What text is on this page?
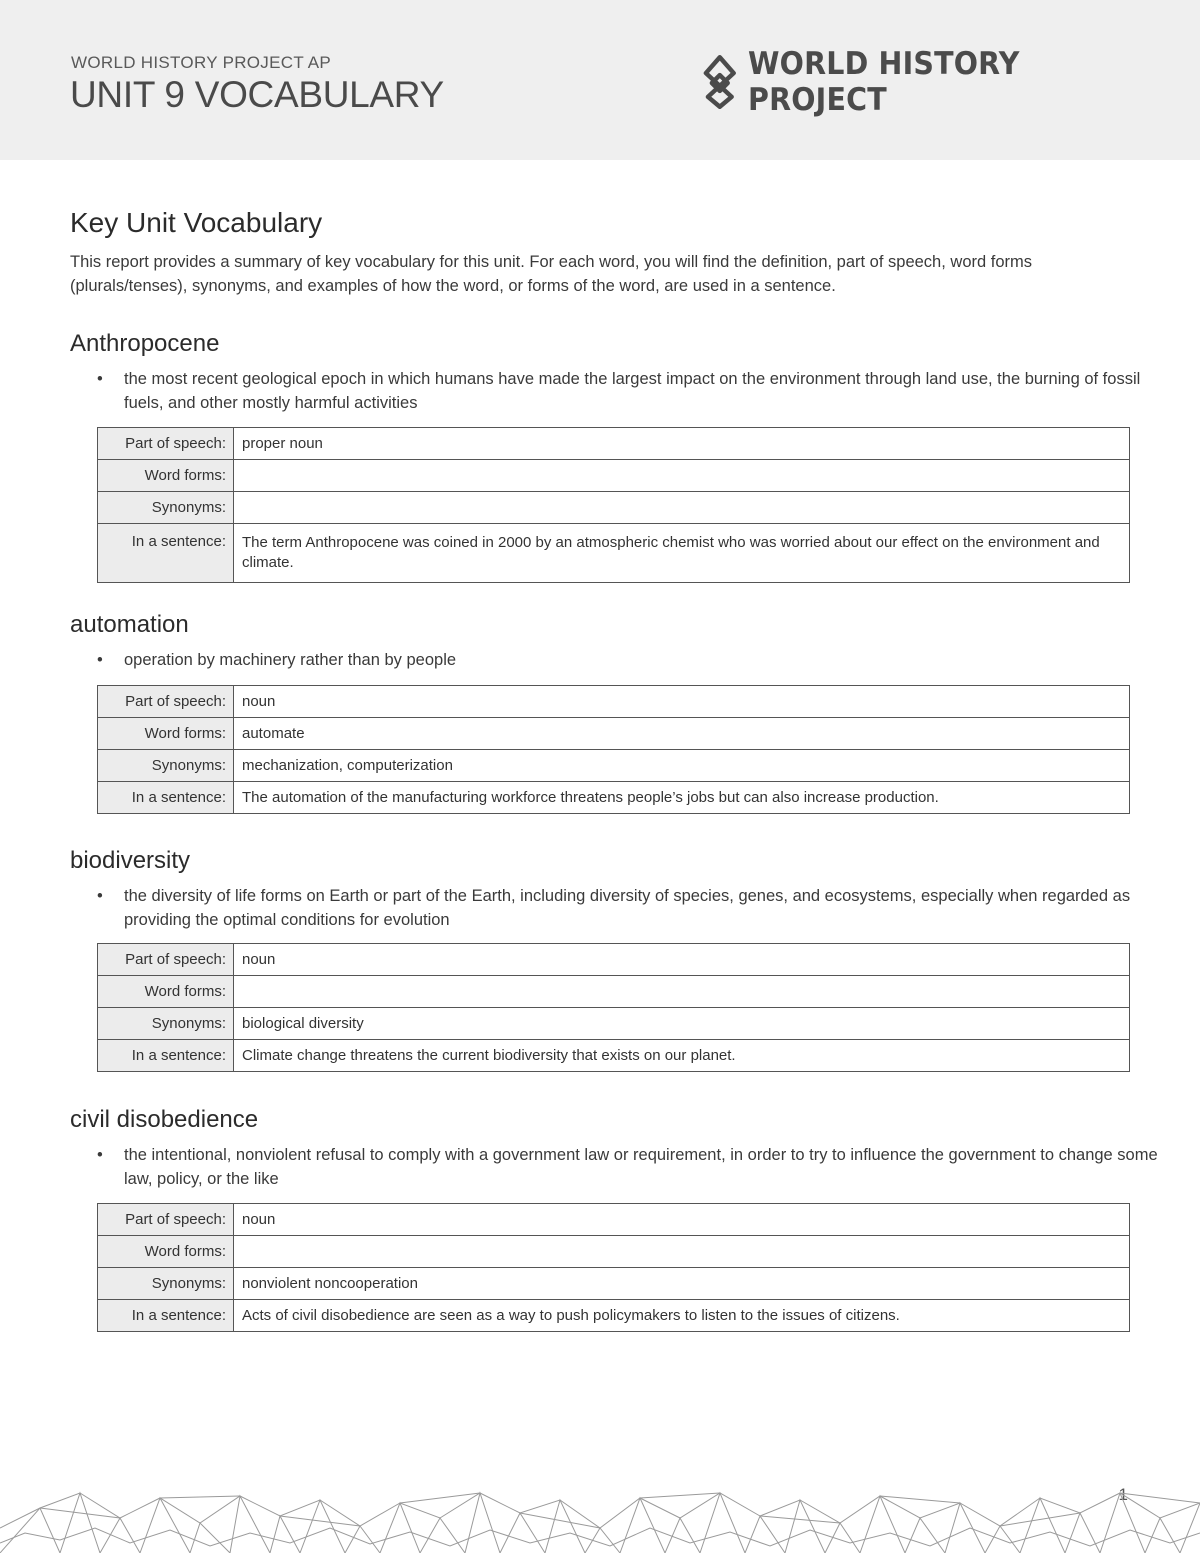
WORLD HISTORY PROJECT AP
UNIT 9 VOCABULARY
WORLD HISTORY PROJECT
Key Unit Vocabulary

This report provides a summary of key vocabulary for this unit. For each word, you will find the definition, part of speech, word forms (plurals/tenses), synonyms, and examples of how the word, or forms of the word, are used in a sentence.

Anthropocene
• the most recent geological epoch in which humans have made the largest impact on the environment through land use, the burning of fossil fuels, and other mostly harmful activities
Part of speech:	proper noun
Word forms:	
Synonyms:	
In a sentence:	The term Anthropocene was coined in 2000 by an atmospheric chemist who was worried about our effect on the environment and climate.
automation
• operation by machinery rather than by people
Part of speech:	noun
Word forms:	automate
Synonyms:	mechanization, computerization
In a sentence:	The automation of the manufacturing workforce threatens people’s jobs but can also increase production.
biodiversity
• the diversity of life forms on Earth or part of the Earth, including diversity of species, genes, and ecosystems, especially when regarded as providing the optimal conditions for evolution
Part of speech:	noun
Word forms:	
Synonyms:	biological diversity
In a sentence:	Climate change threatens the current biodiversity that exists on our planet.
civil disobedience
• the intentional, nonviolent refusal to comply with a government law or requirement, in order to try to influence the government to change some law, policy, or the like
Part of speech:	noun
Word forms:	
Synonyms:	nonviolent noncooperation
In a sentence:	Acts of civil disobedience are seen as a way to push policymakers to listen to the issues of citizens.
1
